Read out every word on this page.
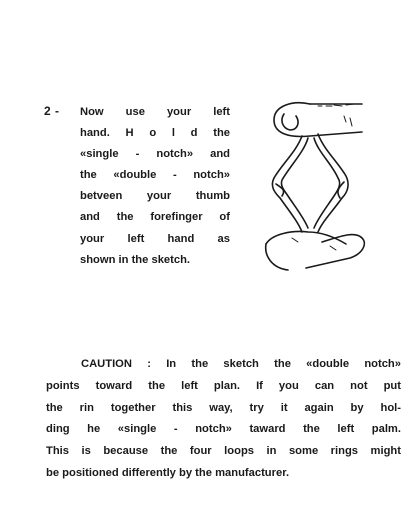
2 - Now use your left
hand. H o l d the
«single - notch» and
the «double - notch»
betveen your thumb
and the forefinger of
your left hand as
shown in the sketch.
CAUTION : In the sketch the «double notch»
points toward the left plan. If you can not put
the rin together this way, try it again by hol-
ding he «single - notch» taward the left palm.
This is because the four loops in some rings might
be positioned differently by the manufacturer.
